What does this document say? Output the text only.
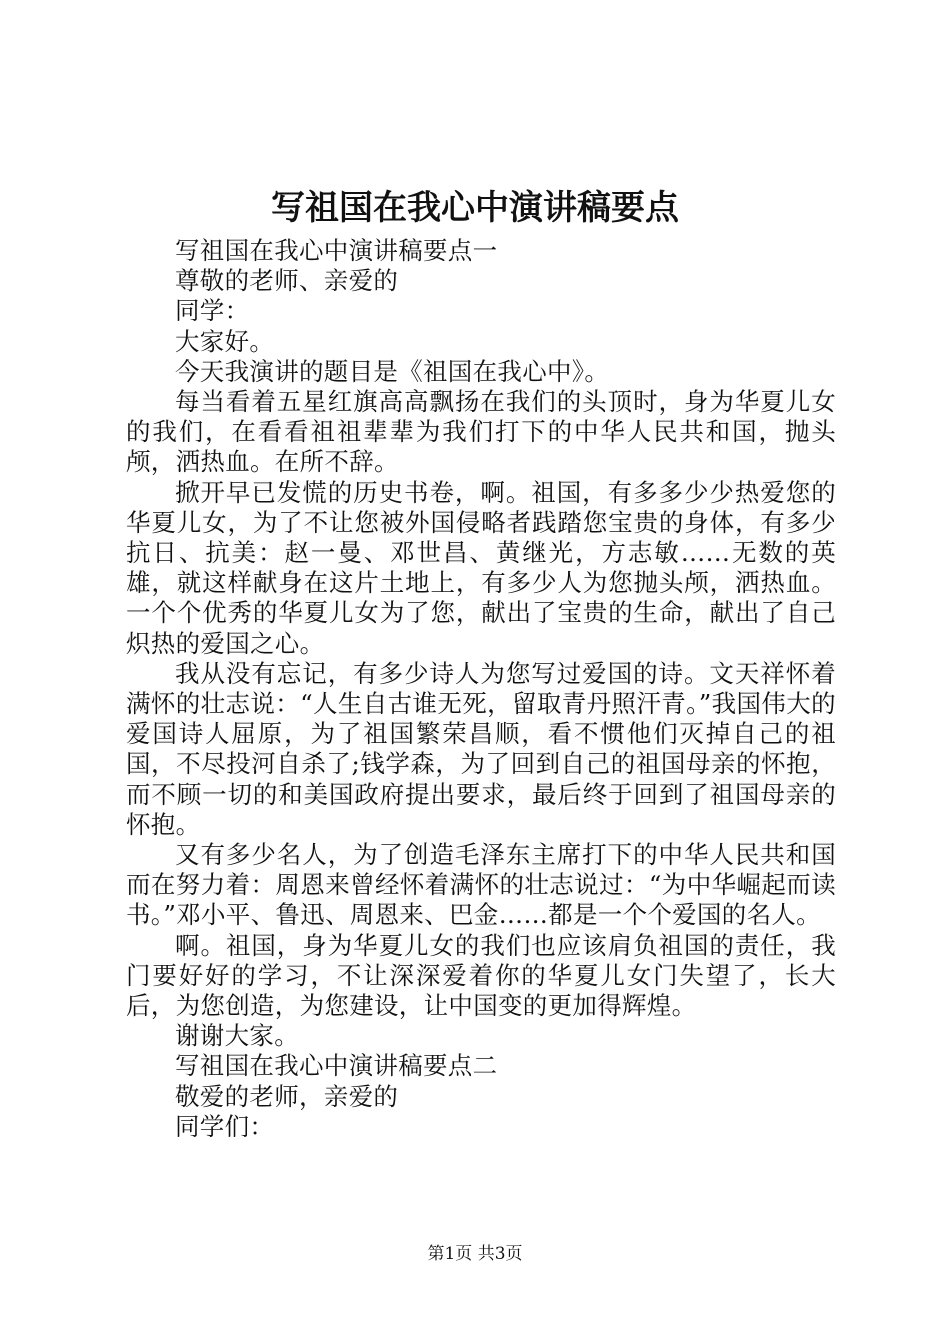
写祖国在我心中演讲稿要点

写祖国在我心中演讲稿要点一

尊敬的老师、亲爱的

同学：

大家好。

今天我演讲的题目是《祖国在我心中》。

每当看着五星红旗高高飘扬在我们的头顶时，身为华夏儿女的我们，在看看祖祖辈辈为我们打下的中华人民共和国，抛头颅，洒热血。在所不辞。

掀开早已发慌的历史书卷，啊。祖国，有多多少少热爱您的华夏儿女，为了不让您被外国侵略者践踏您宝贵的身体，有多少抗日、抗美：赵一曼、邓世昌、黄继光，方志敏……无数的英雄，就这样献身在这片土地上，有多少人为您抛头颅，洒热血。一个个优秀的华夏儿女为了您，献出了宝贵的生命，献出了自己炽热的爱国之心。

我从没有忘记，有多少诗人为您写过爱国的诗。文天祥怀着满怀的壮志说：“人生自古谁无死，留取青丹照汗青。”我国伟大的爱国诗人屈原，为了祖国繁荣昌顺，看不惯他们灭掉自己的祖国，不尽投河自杀了;钱学森，为了回到自己的祖国母亲的怀抱，而不顾一切的和美国政府提出要求，最后终于回到了祖国母亲的怀抱。

又有多少名人，为了创造毛泽东主席打下的中华人民共和国而在努力着：周恩来曾经怀着满怀的壮志说过：“为中华崛起而读书。”邓小平、鲁迅、周恩来、巴金……都是一个个爱国的名人。

啊。祖国，身为华夏儿女的我们也应该肩负祖国的责任，我门要好好的学习，不让深深爱着你的华夏儿女门失望了，长大后，为您创造，为您建设，让中国变的更加得辉煌。

谢谢大家。

写祖国在我心中演讲稿要点二

敬爱的老师，亲爱的

同学们：

第1页 共3页
